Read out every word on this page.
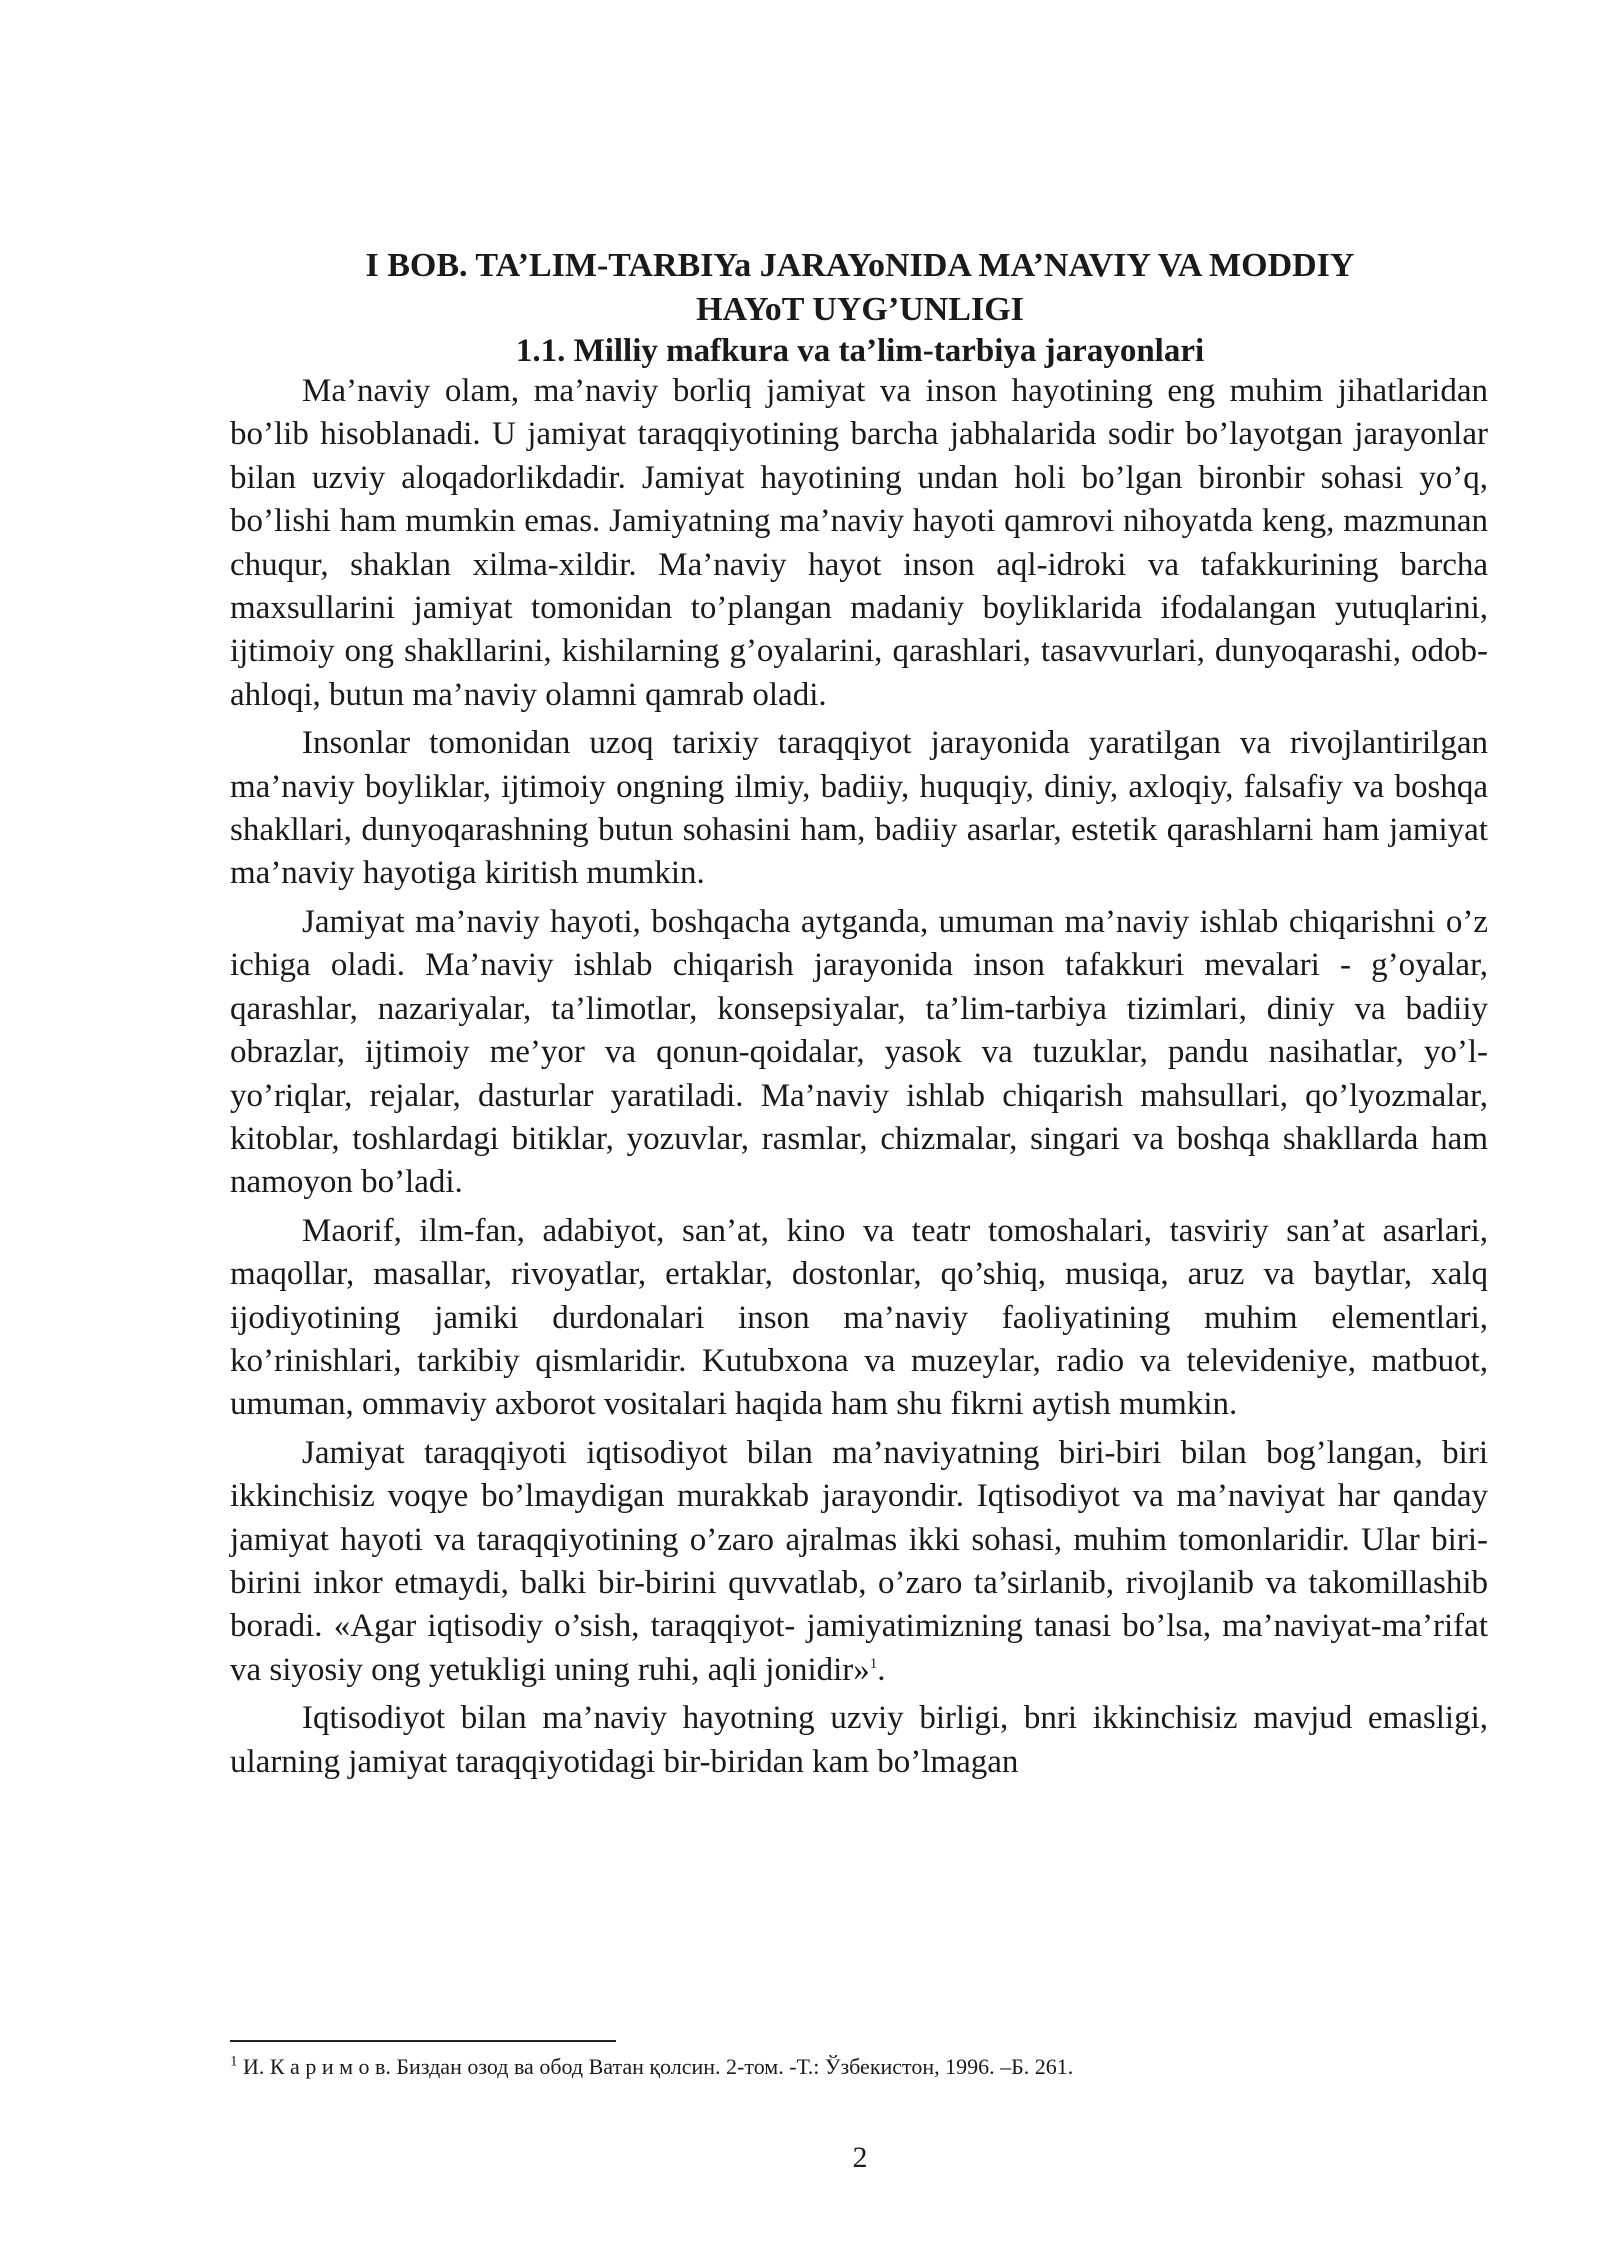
I BOB. TA’LIM-TARBIYa JARAYoNIDA MA’NAVIY VA MODDIY
HAYoT UYG’UNLIGI
1.1. Milliy mafkura va ta’lim-tarbiya jarayonlari

Ma’naviy olam, ma’naviy borliq jamiyat va inson hayotining eng muhim jihatlaridan bo’lib hisoblanadi. U jamiyat taraqqiyotining barcha jabhalarida sodir bo’layotgan jarayonlar bilan uzviy aloqadorlikdadir. Jamiyat hayotining undan holi bo’lgan bironbir sohasi yo’q, bo’lishi ham mumkin emas. Jamiyatning ma’naviy hayoti qamrovi nihoyatda keng, mazmunan chuqur, shaklan xilma-xildir. Ma’naviy hayot inson aql-idroki va tafakkurining barcha maxsullarini jamiyat tomonidan to’plangan madaniy boyliklarida ifodalangan yutuqlarini, ijtimoiy ong shakllarini, kishilarning g’oyalarini, qarashlari, tasavvurlari, dunyoqarashi, odob-ahloqi, butun ma’naviy olamni qamrab oladi.

Insonlar tomonidan uzoq tarixiy taraqqiyot jarayonida yaratilgan va rivojlantirilgan ma’naviy boyliklar, ijtimoiy ongning ilmiy, badiiy, huquqiy, diniy, axloqiy, falsafiy va boshqa shakllari, dunyoqarashning butun sohasini ham, badiiy asarlar, estetik qarashlarni ham jamiyat ma’naviy hayotiga kiritish mumkin.

Jamiyat ma’naviy hayoti, boshqacha aytganda, umuman ma’naviy ishlab chiqarishni o’z ichiga oladi. Ma’naviy ishlab chiqarish jarayonida inson tafakkuri mevalari - g’oyalar, qarashlar, nazariyalar, ta’limotlar, konsepsiyalar, ta’lim-tarbiya tizimlari, diniy va badiiy obrazlar, ijtimoiy me’yor va qonun-qoidalar, yasok va tuzuklar, pandu nasihatlar, yo’l-yo’riqlar, rejalar, dasturlar yaratiladi. Ma’naviy ishlab chiqarish mahsullari, qo’lyozmalar, kitoblar, toshlardagi bitiklar, yozuvlar, rasmlar, chizmalar, singari va boshqa shakllarda ham namoyon bo’ladi.

Maorif, ilm-fan, adabiyot, san’at, kino va teatr tomoshalari, tasviriy san’at asarlari, maqollar, masallar, rivoyatlar, ertaklar, dostonlar, qo’shiq, musiqa, aruz va baytlar, xalq ijodiyotining jamiki durdonalari inson ma’naviy faoliyatining muhim elementlari, ko’rinishlari, tarkibiy qismlaridir. Kutubxona va muzeylar, radio va televideniye, matbuot, umuman, ommaviy axborot vositalari haqida ham shu fikrni aytish mumkin.

Jamiyat taraqqiyoti iqtisodiyot bilan ma’naviyatning biri-biri bilan bog’langan, biri ikkinchisiz voqye bo’lmaydigan murakkab jarayondir. Iqtisodiyot va ma’naviyat har qanday jamiyat hayoti va taraqqiyotining o’zaro ajralmas ikki sohasi, muhim tomonlaridir. Ular biri-birini inkor etmaydi, balki bir-birini quvvatlab, o’zaro ta’sirlanib, rivojlanib va takomillashib boradi. «Agar iqtisodiy o’sish, taraqqiyot- jamiyatimizning tanasi bo’lsa, ma’naviyat-ma’rifat va siyosiy ong yetukligi uning ruhi, aqli jonidir»$^1$.

Iqtisodiyot bilan ma’naviy hayotning uzviy birligi, bnri ikkinchisiz mavjud emasligi, ularning jamiyat taraqqiyotidagi bir-biridan kam bo’lmagan

$^1$ И. К а р и м о в. Биздан озод ва обод Ватан қолсин. 2-том. -Т.: Ўзбекистон, 1996. –Б. 261.

2
